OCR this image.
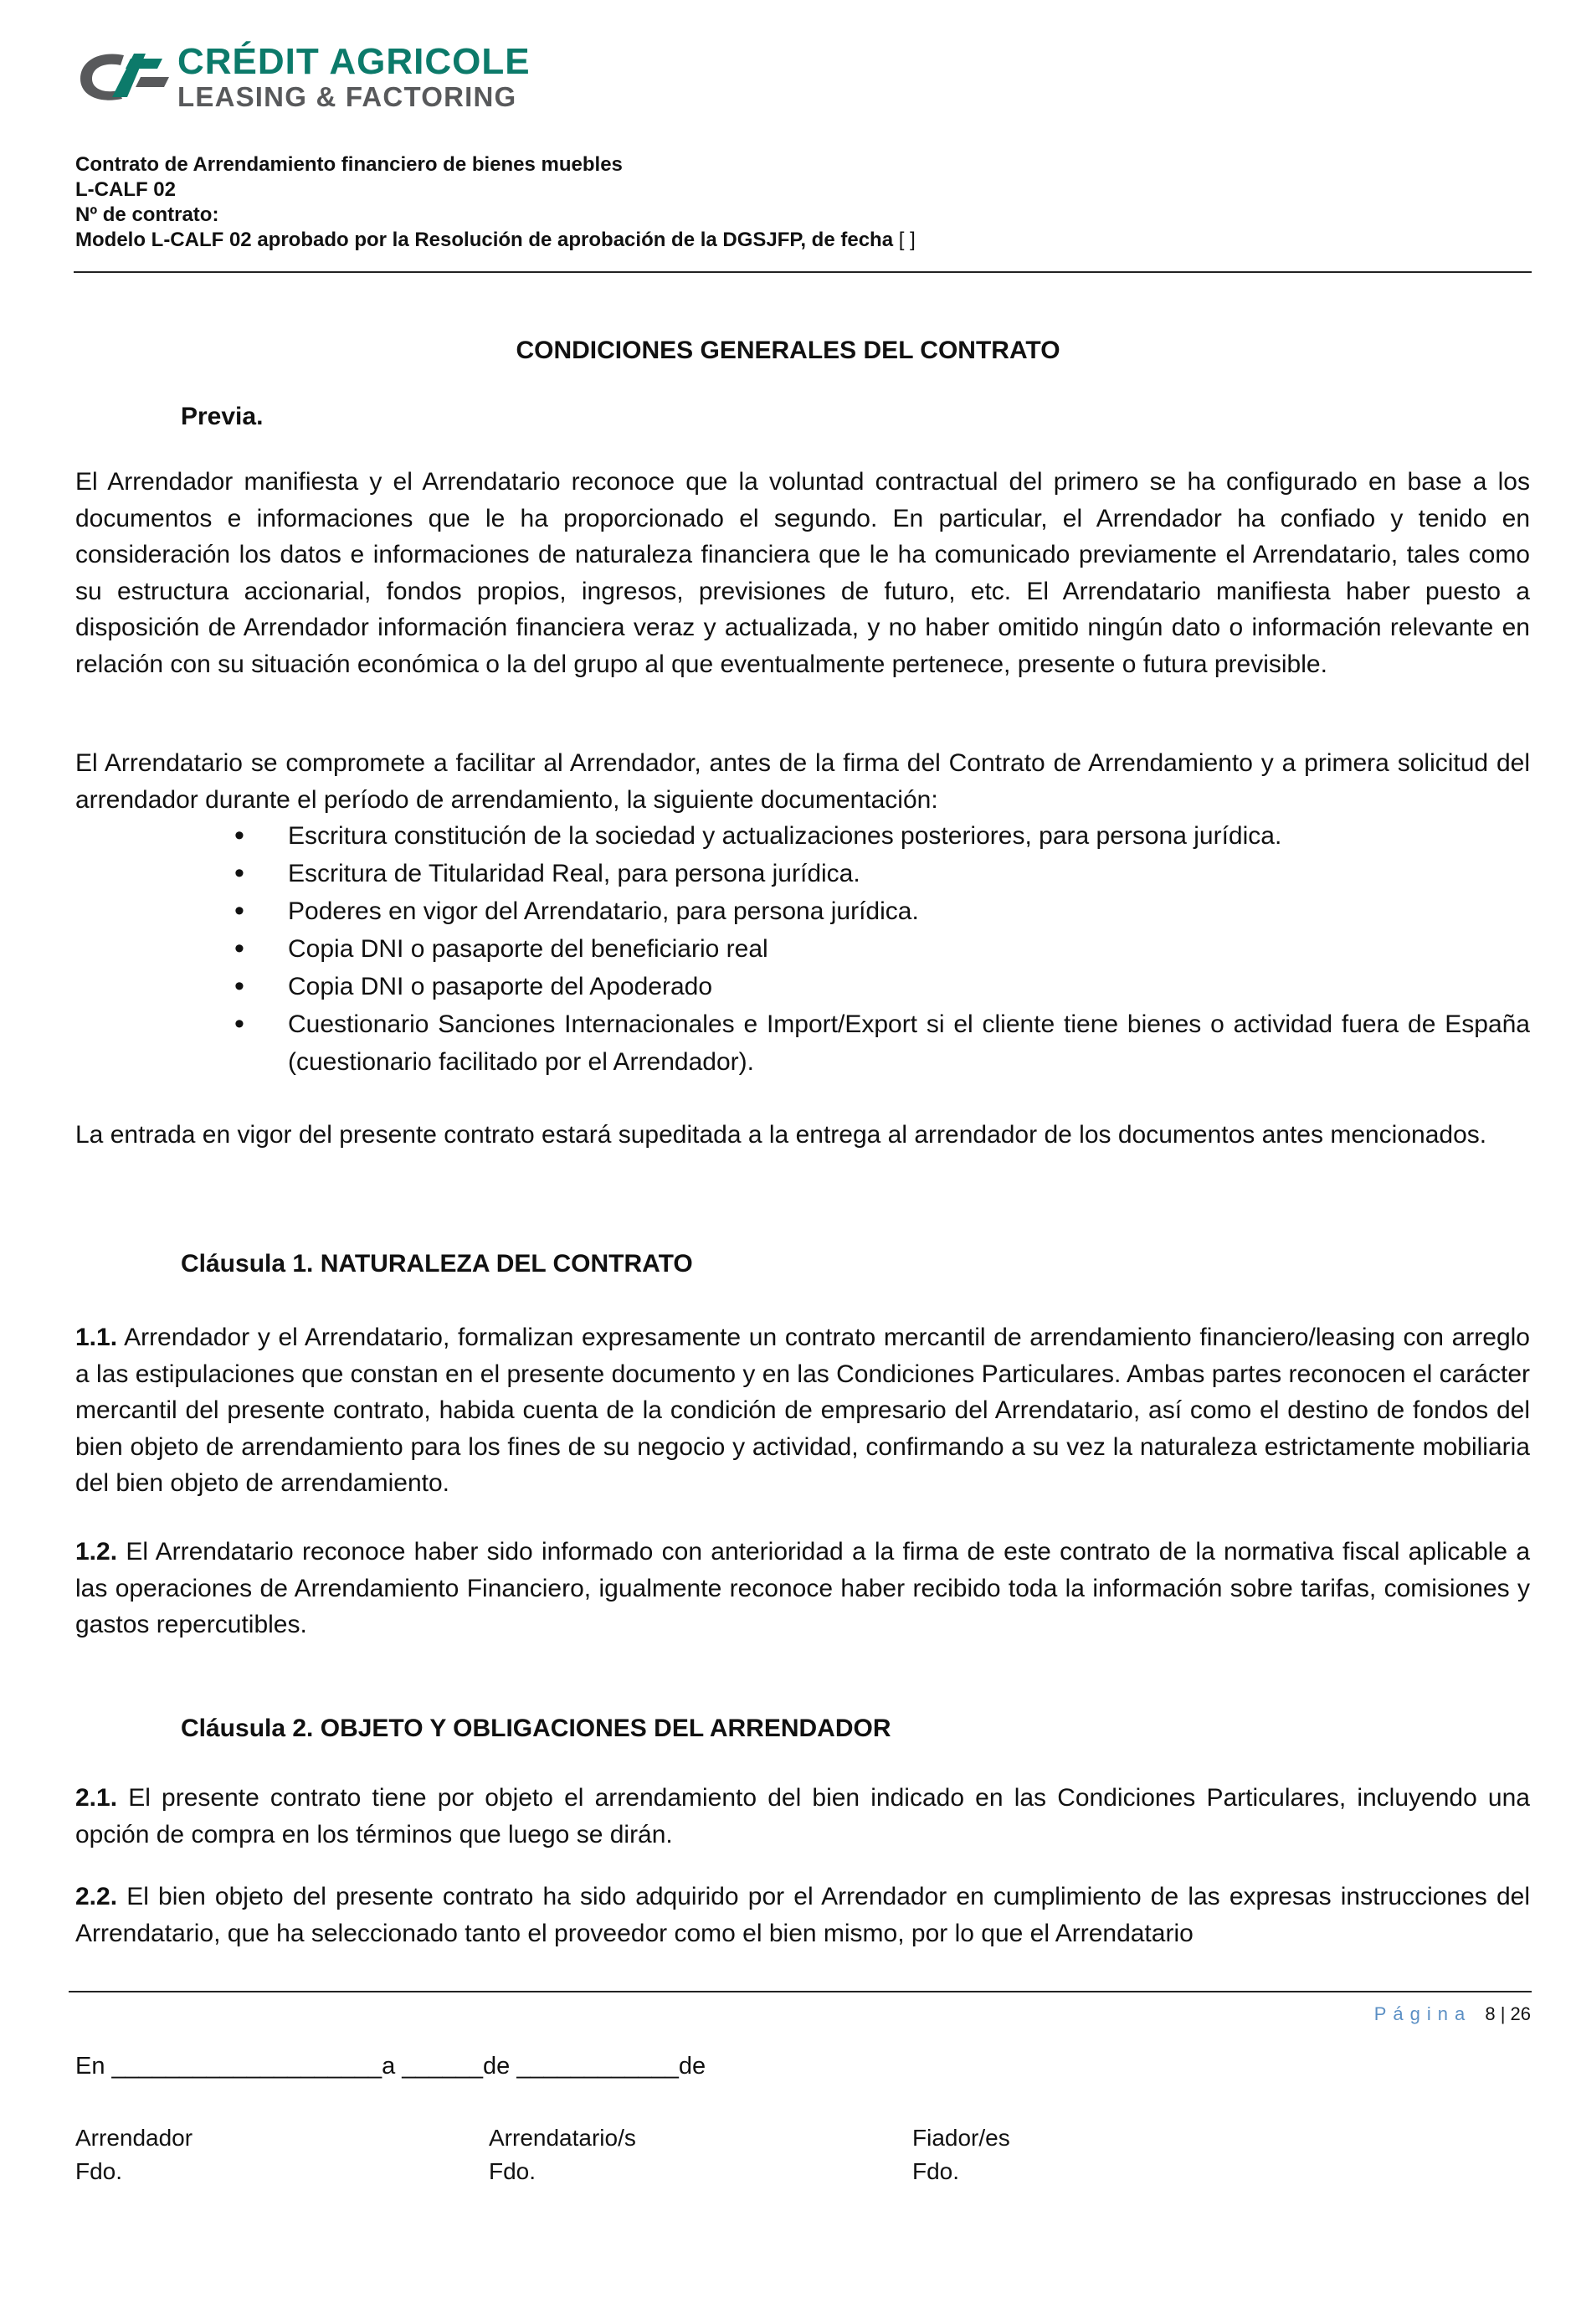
CRÉDIT AGRICOLE
LEASING & FACTORING
Contrato de Arrendamiento financiero de bienes muebles
L-CALF 02
Nº de contrato:
Modelo L-CALF 02 aprobado por la Resolución de aprobación de la DGSJFP, de fecha [ ]
CONDICIONES GENERALES DEL CONTRATO
Previa.
El Arrendador manifiesta y el Arrendatario reconoce que la voluntad contractual del primero se ha configurado en base a los documentos e informaciones que le ha proporcionado el segundo. En particular, el Arrendador ha confiado y tenido en consideración los datos e informaciones de naturaleza financiera que le ha comunicado previamente el Arrendatario, tales como su estructura accionarial, fondos propios, ingresos, previsiones de futuro, etc. El Arrendatario manifiesta haber puesto a disposición de Arrendador información financiera veraz y actualizada, y no haber omitido ningún dato o información relevante en relación con su situación económica o la del grupo al que eventualmente pertenece, presente o futura previsible.
El Arrendatario se compromete a facilitar al Arrendador, antes de la firma del Contrato de Arrendamiento y a primera solicitud del arrendador durante el período de arrendamiento, la siguiente documentación:
• Escritura constitución de la sociedad y actualizaciones posteriores, para persona jurídica.
• Escritura de Titularidad Real, para persona jurídica.
• Poderes en vigor del Arrendatario, para persona jurídica.
• Copia DNI o pasaporte del beneficiario real
• Copia DNI o pasaporte del Apoderado
• Cuestionario Sanciones Internacionales e Import/Export si el cliente tiene bienes o actividad fuera de España (cuestionario facilitado por el Arrendador).
La entrada en vigor del presente contrato estará supeditada a la entrega al arrendador de los documentos antes mencionados.
Cláusula 1. NATURALEZA DEL CONTRATO
1.1. Arrendador y el Arrendatario, formalizan expresamente un contrato mercantil de arrendamiento financiero/leasing con arreglo a las estipulaciones que constan en el presente documento y en las Condiciones Particulares. Ambas partes reconocen el carácter mercantil del presente contrato, habida cuenta de la condición de empresario del Arrendatario, así como el destino de fondos del bien objeto de arrendamiento para los fines de su negocio y actividad, confirmando a su vez la naturaleza estrictamente mobiliaria del bien objeto de arrendamiento.
1.2. El Arrendatario reconoce haber sido informado con anterioridad a la firma de este contrato de la normativa fiscal aplicable a las operaciones de Arrendamiento Financiero, igualmente reconoce haber recibido toda la información sobre tarifas, comisiones y gastos repercutibles.
Cláusula 2. OBJETO Y OBLIGACIONES DEL ARRENDADOR
2.1. El presente contrato tiene por objeto el arrendamiento del bien indicado en las Condiciones Particulares, incluyendo una opción de compra en los términos que luego se dirán.
2.2. El bien objeto del presente contrato ha sido adquirido por el Arrendador en cumplimiento de las expresas instrucciones del Arrendatario, que ha seleccionado tanto el proveedor como el bien mismo, por lo que el Arrendatario
Página 8 | 26
En ____________________a ______de ____________de
Arrendador
Fdo.
Arrendatario/s
Fdo.
Fiador/es
Fdo.
